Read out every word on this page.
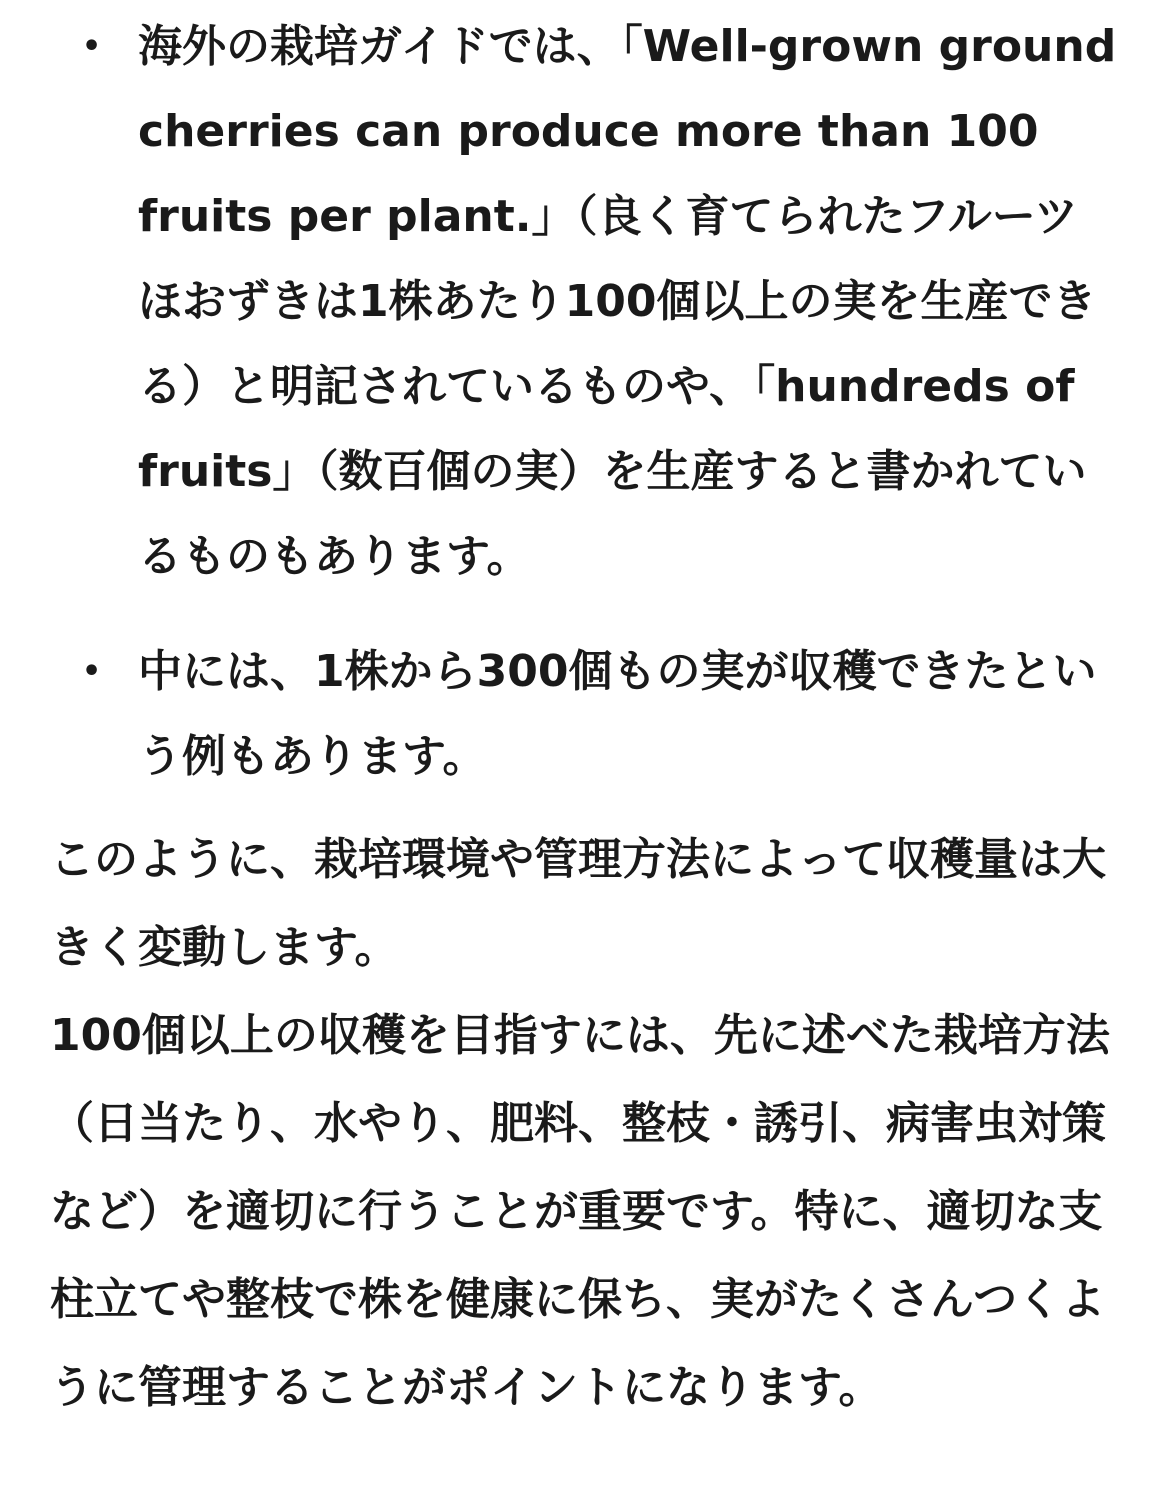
• 海外の栽培ガイドでは、「Well-grown ground cherries can produce more than 100 fruits per plant.」（良く育てられたフルーツほおずきは1株あたり100個以上の実を生産できる）と明記されているものや、「hundreds of fruits」（数百個の実）を生産すると書かれているものもあります。
• 中には、1株から300個もの実が収穫できたという例もあります。

このように、栽培環境や管理方法によって収穫量は大きく変動します。

100個以上の収穫を目指すには、先に述べた栽培方法（日当たり、水やり、肥料、整枝・誘引、病害虫対策など）を適切に行うことが重要です。特に、適切な支柱立てや整枝で株を健康に保ち、実がたくさんつくように管理することがポイントになります。
